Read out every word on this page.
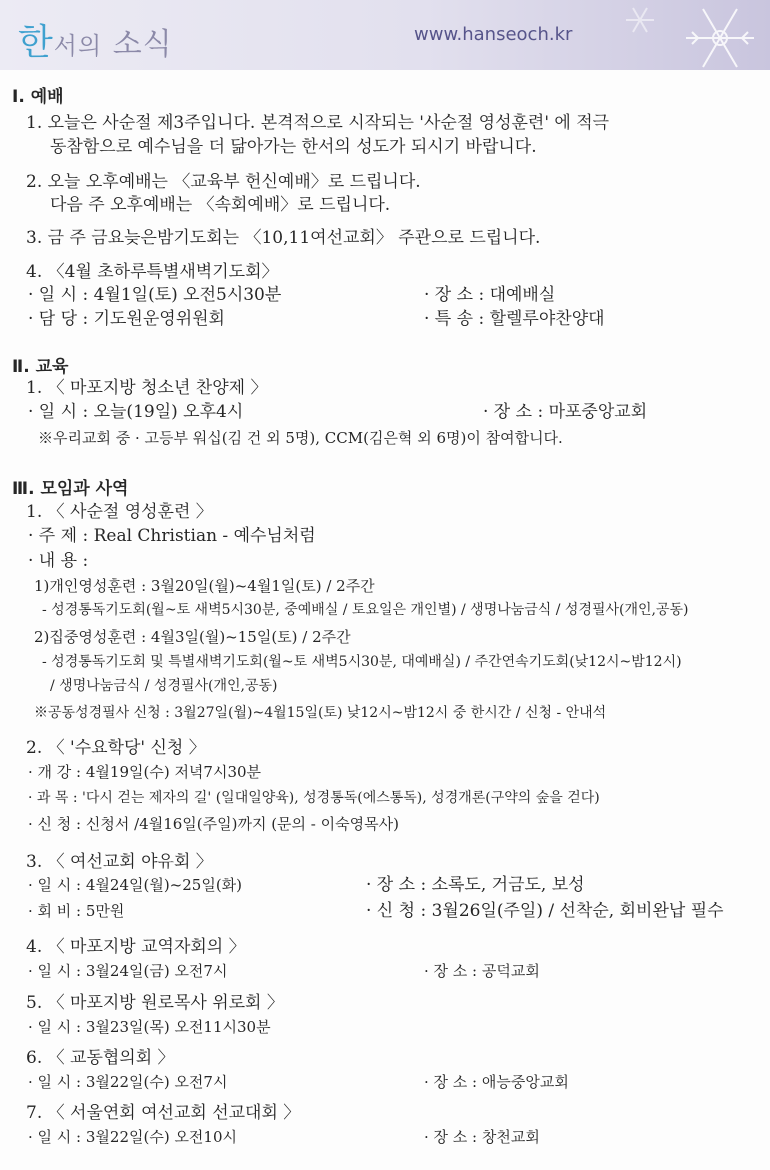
한서의 소식	www.hanseoch.kr
Ⅰ. 예배
1. 오늘은 사순절 제3주입니다. 본격적으로 시작되는 '사순절 영성훈련' 에 적극
동참함으로 예수님을 더 닮아가는 한서의 성도가 되시기 바랍니다.
2. 오늘 오후예배는 〈교육부 헌신예배〉로 드립니다.
다음 주 오후예배는 〈속회예배〉로 드립니다.
3. 금 주 금요늦은밤기도회는 〈10,11여선교회〉 주관으로 드립니다.
4. 〈4월 초하루특별새벽기도회〉
· 일 시 : 4월1일(토) 오전5시30분	· 장 소 : 대예배실
· 담 당 : 기도원운영위원회	· 특 송 : 할렐루야찬양대
Ⅱ. 교육
1. 〈 마포지방 청소년 찬양제 〉
· 일 시 : 오늘(19일) 오후4시	· 장 소 : 마포중앙교회
※우리교회 중 · 고등부 워십(김 건 외 5명), CCM(김은혁 외 6명)이 참여합니다.
Ⅲ. 모임과 사역
1. 〈 사순절 영성훈련 〉
· 주 제 : Real Christian - 예수님처럼
· 내 용 :
1)개인영성훈련 : 3월20일(월)~4월1일(토) / 2주간
- 성경통독기도회(월~토 새벽5시30분, 중예배실 / 토요일은 개인별) / 생명나눔금식 / 성경필사(개인,공동)
2)집중영성훈련 : 4월3일(월)~15일(토) / 2주간
- 성경통독기도회 및 특별새벽기도회(월~토 새벽5시30분, 대예배실) / 주간연속기도회(낮12시~밤12시)
/ 생명나눔금식 / 성경필사(개인,공동)
※공동성경필사 신청 : 3월27일(월)~4월15일(토) 낮12시~밤12시 중 한시간 / 신청 - 안내석
2. 〈 '수요학당' 신청 〉
· 개 강 : 4월19일(수) 저녁7시30분
· 과 목 : '다시 걷는 제자의 길' (일대일양육), 성경통독(에스통독), 성경개론(구약의 숲을 걷다)
· 신 청 : 신청서 /4월16일(주일)까지 (문의 - 이숙영목사)
3. 〈 여선교회 야유회 〉
· 일 시 : 4월24일(월)~25일(화)	· 장 소 : 소록도, 거금도, 보성
· 회 비 : 5만원	· 신 청 : 3월26일(주일) / 선착순, 회비완납 필수
4. 〈 마포지방 교역자회의 〉
· 일 시 : 3월24일(금) 오전7시	· 장 소 : 공덕교회
5. 〈 마포지방 원로목사 위로회 〉
· 일 시 : 3월23일(목) 오전11시30분
6. 〈 교동협의회 〉
· 일 시 : 3월22일(수) 오전7시	· 장 소 : 애능중앙교회
7. 〈 서울연회 여선교회 선교대회 〉
· 일 시 : 3월22일(수) 오전10시	· 장 소 : 창천교회
